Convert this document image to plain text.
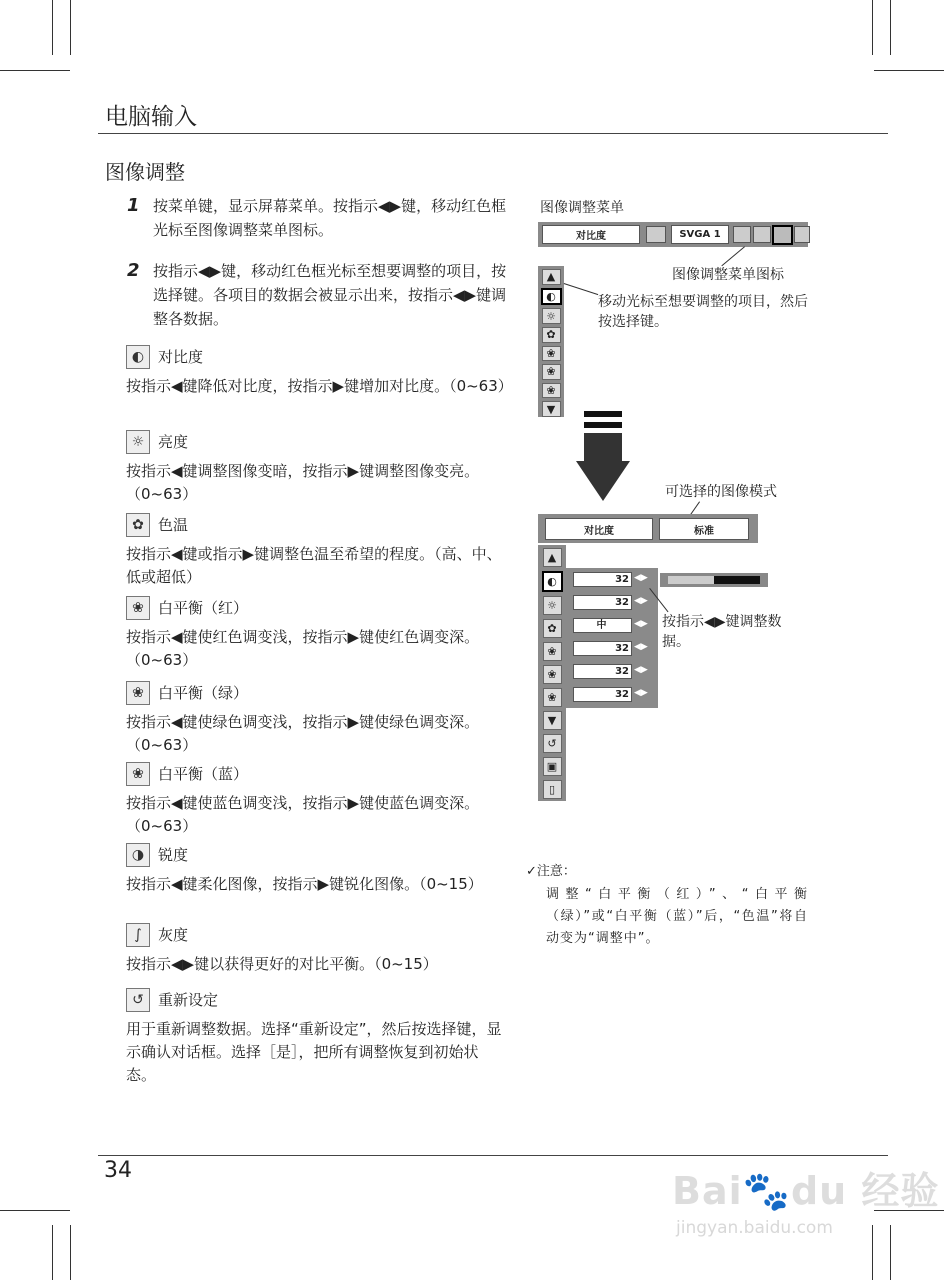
电脑输入
图像调整
1 按菜单键，显示屏幕菜单。按指示◀▶键，移动红色框光标至图像调整菜单图标。
2 按指示◀▶键，移动红色框光标至想要调整的项目，按选择键。各项目的数据会被显示出来，按指示◀▶键调整各数据。
◐ 对比度
按指示◀键降低对比度，按指示▶键增加对比度。（0~63）
☼ 亮度
按指示◀键调整图像变暗，按指示▶键调整图像变亮。（0~63）
✿ 色温
按指示◀键或指示▶键调整色温至希望的程度。（高、中、低或超低）
❀ 白平衡（红）
按指示◀键使红色调变浅，按指示▶键使红色调变深。（0~63）
❀ 白平衡（绿）
按指示◀键使绿色调变浅，按指示▶键使绿色调变深。（0~63）
❀ 白平衡（蓝）
按指示◀键使蓝色调变浅，按指示▶键使蓝色调变深。（0~63）
◑ 锐度
按指示◀键柔化图像，按指示▶键锐化图像。（0~15）
∫	灰度
按指示◀▶键以获得更好的对比平衡。（0~15）
↺ 重新设定
用于重新调整数据。选择“重新设定”，然后按选择键，显示确认对话框。选择［是］，把所有调整恢复到初始状态。
图像调整菜单
对比度	SVGA 1
▲
◐
☼
✿
❀
❀
❀
▼
图像调整菜单图标
移动光标至想要调整的项目，然后按选择键。
可选择的图像模式
对比度	标准
▲
◐
☼
✿
❀
❀
❀
▼
↺
▣
▯
32 ◀▶
32 ◀▶
中	◀▶
32 ◀▶
32 ◀▶
32 ◀▶
按指示◀▶键调整数据。
✓注意：
调整“白平衡（红）”、“白平衡（绿）”或“白平衡（蓝）”后，“色温”将自动变为“调整中”。
34	Bai🐾du 经验
jingyan.baidu.com
